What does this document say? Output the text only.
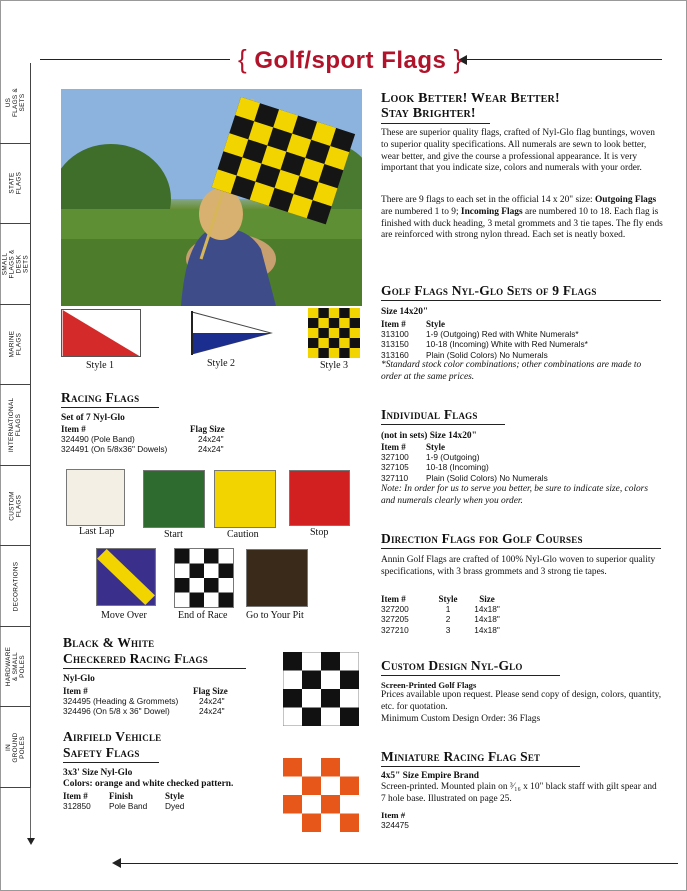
{ Golf/sport Flags }
US FLAGS & SETS
STATE FLAGS
SMALL FLAGS & DESK SETS
MARINE FLAGS
INTERNATIONAL FLAGS
CUSTOM FLAGS
DECORATIONS
HARDWARE & SMALL POLES
IN GROUND POLES
Style 1	Style 2	Style 3
Look Better! Wear Better!
Stay Brighter!
These are superior quality flags, crafted of Nyl-Glo flag buntings, woven to superior quality specifications. All numerals are sewn to look better, wear better, and give the course a professional appearance. It is very important that you indicate size, colors and numerals with your order.
There are 9 flags to each set in the official 14 x 20" size: Outgoing Flags are numbered 1 to 9; Incoming Flags are numbered 10 to 18. Each flag is finished with duck heading, 3 metal grommets and 3 tie tapes. The fly ends are reinforced with strong nylon thread. Each set is neatly boxed.
Golf Flags Nyl-Glo Sets of 9 Flags
Size 14x20"
Item #	Style
313100	1-9 (Outgoing) Red with White Numerals*
313150	10-18 (Incoming) White with Red Numerals*
313160	Plain (Solid Colors) No Numerals
*Standard stock color combinations; other combinations are made to order at the same prices.
Individual Flags
(not in sets) Size 14x20"
Item #	Style
327100	1-9 (Outgoing)
327105	10-18 (Incoming)
327110	Plain (Solid Colors) No Numerals
Note: In order for us to serve you better, be sure to indicate size, colors and numerals clearly when you order.
Direction Flags for Golf Courses
Annin Golf Flags are crafted of 100% Nyl-Glo woven to superior quality specifications, with 3 brass grommets and 3 strong tie tapes.
Item #	Style	Size
327200	1	14x18"
327205	2	14x18"
327210	3	14x18"
Custom Design Nyl-Glo
Screen-Printed Golf Flags
Prices available upon request. Please send copy of design, colors, quantity, etc. for quotation.
Minimum Custom Design Order: 36 Flags
Miniature Racing Flag Set
4x5" Size Empire Brand
Screen-printed. Mounted plain on ³⁄₁₆ x 10" black staff with gilt spear and 7 hole base. Illustrated on page 25.
Item #
324475
Racing Flags
Set of 7 Nyl-Glo
Item #	Flag Size
324490 (Pole Band)	24x24"
324491 (On 5/8x36" Dowels)	24x24"
Last Lap	Start	Caution	Stop
Move Over	End of Race Go to Your Pit
Black & White
Checkered Racing Flags
Nyl-Glo
Item #	Flag Size
324495 (Heading & Grommets)	24x24"
324496 (On 5/8 x 36" Dowel)	24x24"
Airfield Vehicle
Safety Flags
3x3' Size Nyl-Glo
Colors: orange and white checked pattern.
Item #	Finish	Style
312850	Pole Band	Dyed
